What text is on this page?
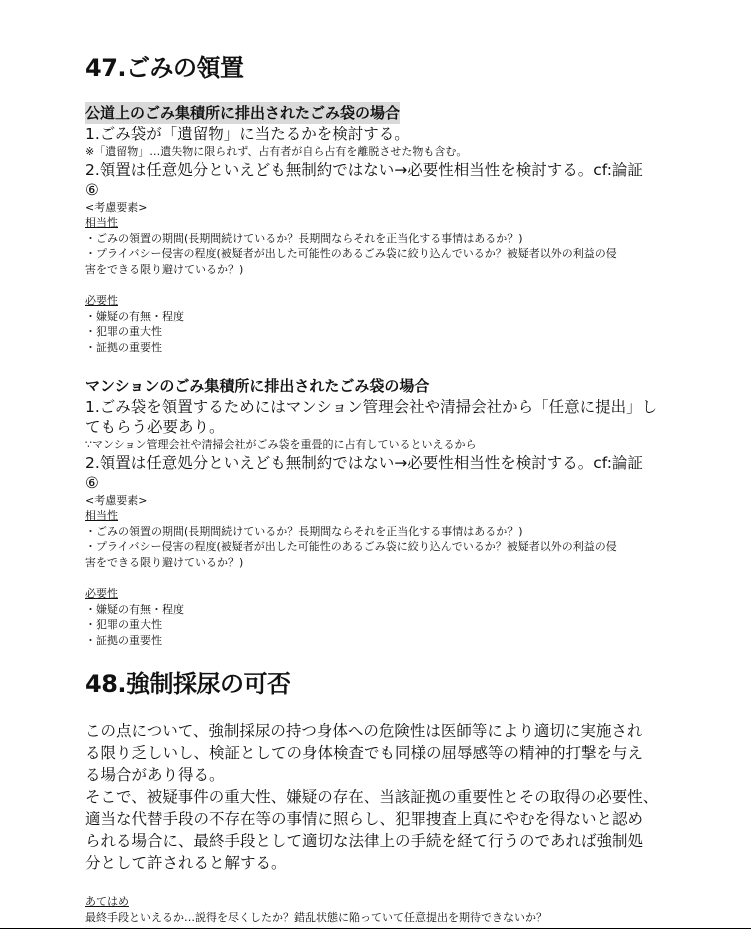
47.ごみの領置
公道上のごみ集積所に排出されたごみ袋の場合
1.ごみ袋が「遺留物」に当たるかを検討する。
※「遺留物」…遺失物に限られず、占有者が自ら占有を離脱させた物も含む。
2.領置は任意処分といえども無制約ではない→必要性相当性を検討する。cf:論証
⑥
<考慮要素>
相当性
・ごみの領置の期間(長期間続けているか？長期間ならそれを正当化する事情はあるか？)
・プライバシー侵害の程度(被疑者が出した可能性のあるごみ袋に絞り込んでいるか？被疑者以外の利益の侵
害をできる限り避けているか？)
必要性
・嫌疑の有無・程度
・犯罪の重大性
・証拠の重要性
マンションのごみ集積所に排出されたごみ袋の場合
1.ごみ袋を領置するためにはマンション管理会社や清掃会社から「任意に提出」し
てもらう必要あり。
∵マンション管理会社や清掃会社がごみ袋を重畳的に占有しているといえるから
2.領置は任意処分といえども無制約ではない→必要性相当性を検討する。cf:論証
⑥
<考慮要素>
相当性
・ごみの領置の期間(長期間続けているか？長期間ならそれを正当化する事情はあるか？)
・プライバシー侵害の程度(被疑者が出した可能性のあるごみ袋に絞り込んでいるか？被疑者以外の利益の侵
害をできる限り避けているか？)
必要性
・嫌疑の有無・程度
・犯罪の重大性
・証拠の重要性
48.強制採尿の可否
この点について、強制採尿の持つ身体への危険性は医師等により適切に実施され
る限り乏しいし、検証としての身体検査でも同様の屈辱感等の精神的打撃を与え
る場合があり得る。
そこで、被疑事件の重大性、嫌疑の存在、当該証拠の重要性とその取得の必要性、
適当な代替手段の不存在等の事情に照らし、犯罪捜査上真にやむを得ないと認め
られる場合に、最終手段として適切な法律上の手続を経て行うのであれば強制処
分として許されると解する。
あてはめ
最終手段といえるか…説得を尽くしたか？錯乱状態に陥っていて任意提出を期待できないか？
